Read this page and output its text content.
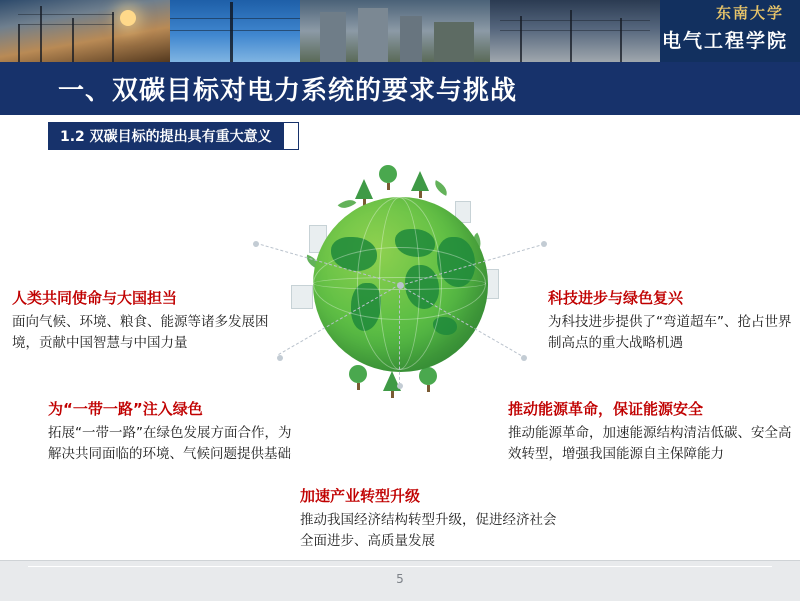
东南大学
电气工程学院
一、双碳目标对电力系统的要求与挑战
1.2 双碳目标的提出具有重大意义
人类共同使命与大国担当
面向气候、环境、粮食、能源等诸多发展困境，贡献中国智慧与中国力量
为“一带一路”注入绿色
拓展“一带一路”在绿色发展方面合作，为解决共同面临的环境、气候问题提供基础
科技进步与绿色复兴
为科技进步提供了“弯道超车”、抢占世界制高点的重大战略机遇
推动能源革命，保证能源安全
推动能源革命，加速能源结构清洁低碳、安全高效转型，增强我国能源自主保障能力
加速产业转型升级
推动我国经济结构转型升级，促进经济社会全面进步、高质量发展
5
